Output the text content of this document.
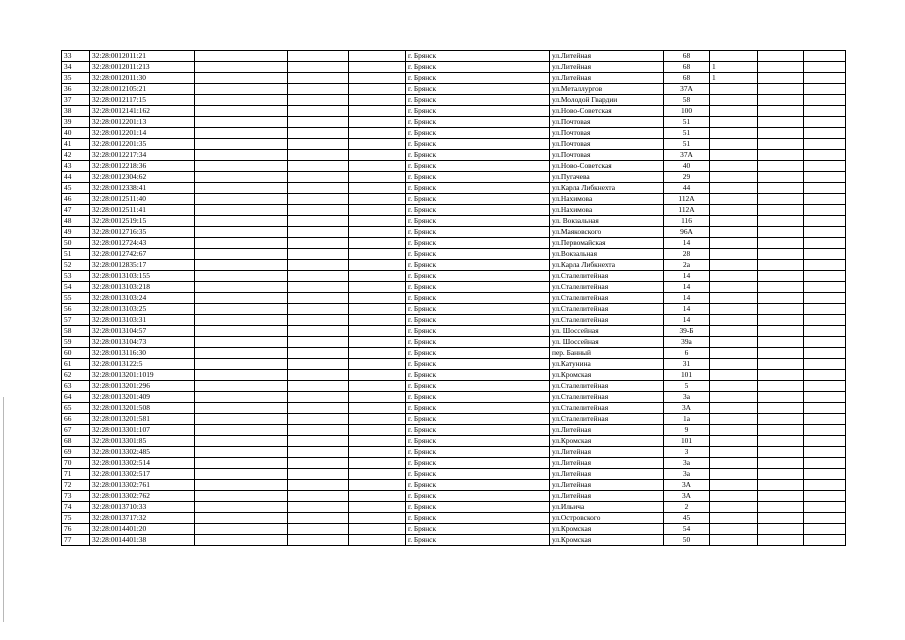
33	32:28:0012011:21				г. Брянск	ул.Литейная	68			
34	32:28:0012011:213				г. Брянск	ул.Литейная	68	1		
35	32:28:0012011:30				г. Брянск	ул.Литейная	68	1		
36	32:28:0012105:21				г. Брянск	ул.Металлургов	37А			
37	32:28:0012117:15				г. Брянск	ул.Молодой Гвардии	58			
38	32:28:0012141:162				г. Брянск	ул.Ново-Советская	100			
39	32:28:0012201:13				г. Брянск	ул.Почтовая	51			
40	32:28:0012201:14				г. Брянск	ул.Почтовая	51			
41	32:28:0012201:35				г. Брянск	ул.Почтовая	51			
42	32:28:0012217:34				г. Брянск	ул.Почтовая	37А			
43	32:28:0012218:36				г. Брянск	ул.Ново-Советская	40			
44	32:28:0012304:62				г. Брянск	ул.Пугачева	29			
45	32:28:0012338:41				г. Брянск	ул.Карла Либкнехта	44			
46	32:28:0012511:40				г. Брянск	ул.Нахимова	112А			
47	32:28:0012511:41				г. Брянск	ул.Нахимова	112А			
48	32:28:0012519:15				г. Брянск	ул. Вокзальная	116			
49	32:28:0012716:35				г. Брянск	ул.Маяковского	96А			
50	32:28:0012724:43				г. Брянск	ул.Первомайская	14			
51	32:28:0012742:67				г. Брянск	ул.Вокзальная	28			
52	32:28:0012835:17				г. Брянск	ул.Карла Либкнехта	2а			
53	32:28:0013103:155				г. Брянск	ул.Сталелитейная	14			
54	32:28:0013103:218				г. Брянск	ул.Сталелитейная	14			
55	32:28:0013103:24				г. Брянск	ул.Сталелитейная	14			
56	32:28:0013103:25				г. Брянск	ул.Сталелитейная	14			
57	32:28:0013103:31				г. Брянск	ул.Сталелитейная	14			
58	32:28:0013104:57				г. Брянск	ул. Шоссейная	39-Б			
59	32:28:0013104:73				г. Брянск	ул. Шоссейная	39а			
60	32:28:0013116:30				г. Брянск	пер. Банный	6			
61	32:28:0013122:5				г. Брянск	ул.Катунина	31			
62	32:28:0013201:1019				г. Брянск	ул.Кромская	101			
63	32:28:0013201:296				г. Брянск	ул.Сталелитейная	5			
64	32:28:0013201:409				г. Брянск	ул.Сталелитейная	3а			
65	32:28:0013201:508				г. Брянск	ул.Сталелитейная	3А			
66	32:28:0013201:581				г. Брянск	ул.Сталелитейная	1а			
67	32:28:0013301:107				г. Брянск	ул.Литейная	9			
68	32:28:0013301:85				г. Брянск	ул.Кромская	101			
69	32:28:0013302:485				г. Брянск	ул.Литейная	3			
70	32:28:0013302:514				г. Брянск	ул.Литейная	3а			
71	32:28:0013302:517				г. Брянск	ул.Литейная	3а			
72	32:28:0013302:761				г. Брянск	ул.Литейная	3А			
73	32:28:0013302:762				г. Брянск	ул.Литейная	3А			
74	32:28:0013710:33				г. Брянск	ул.Ильича	2			
75	32:28:0013717:32				г. Брянск	ул.Островского	45			
76	32:28:0014401:20				г. Брянск	ул.Кромская	54			
77	32:28:0014401:38				г. Брянск	ул.Кромская	50			
